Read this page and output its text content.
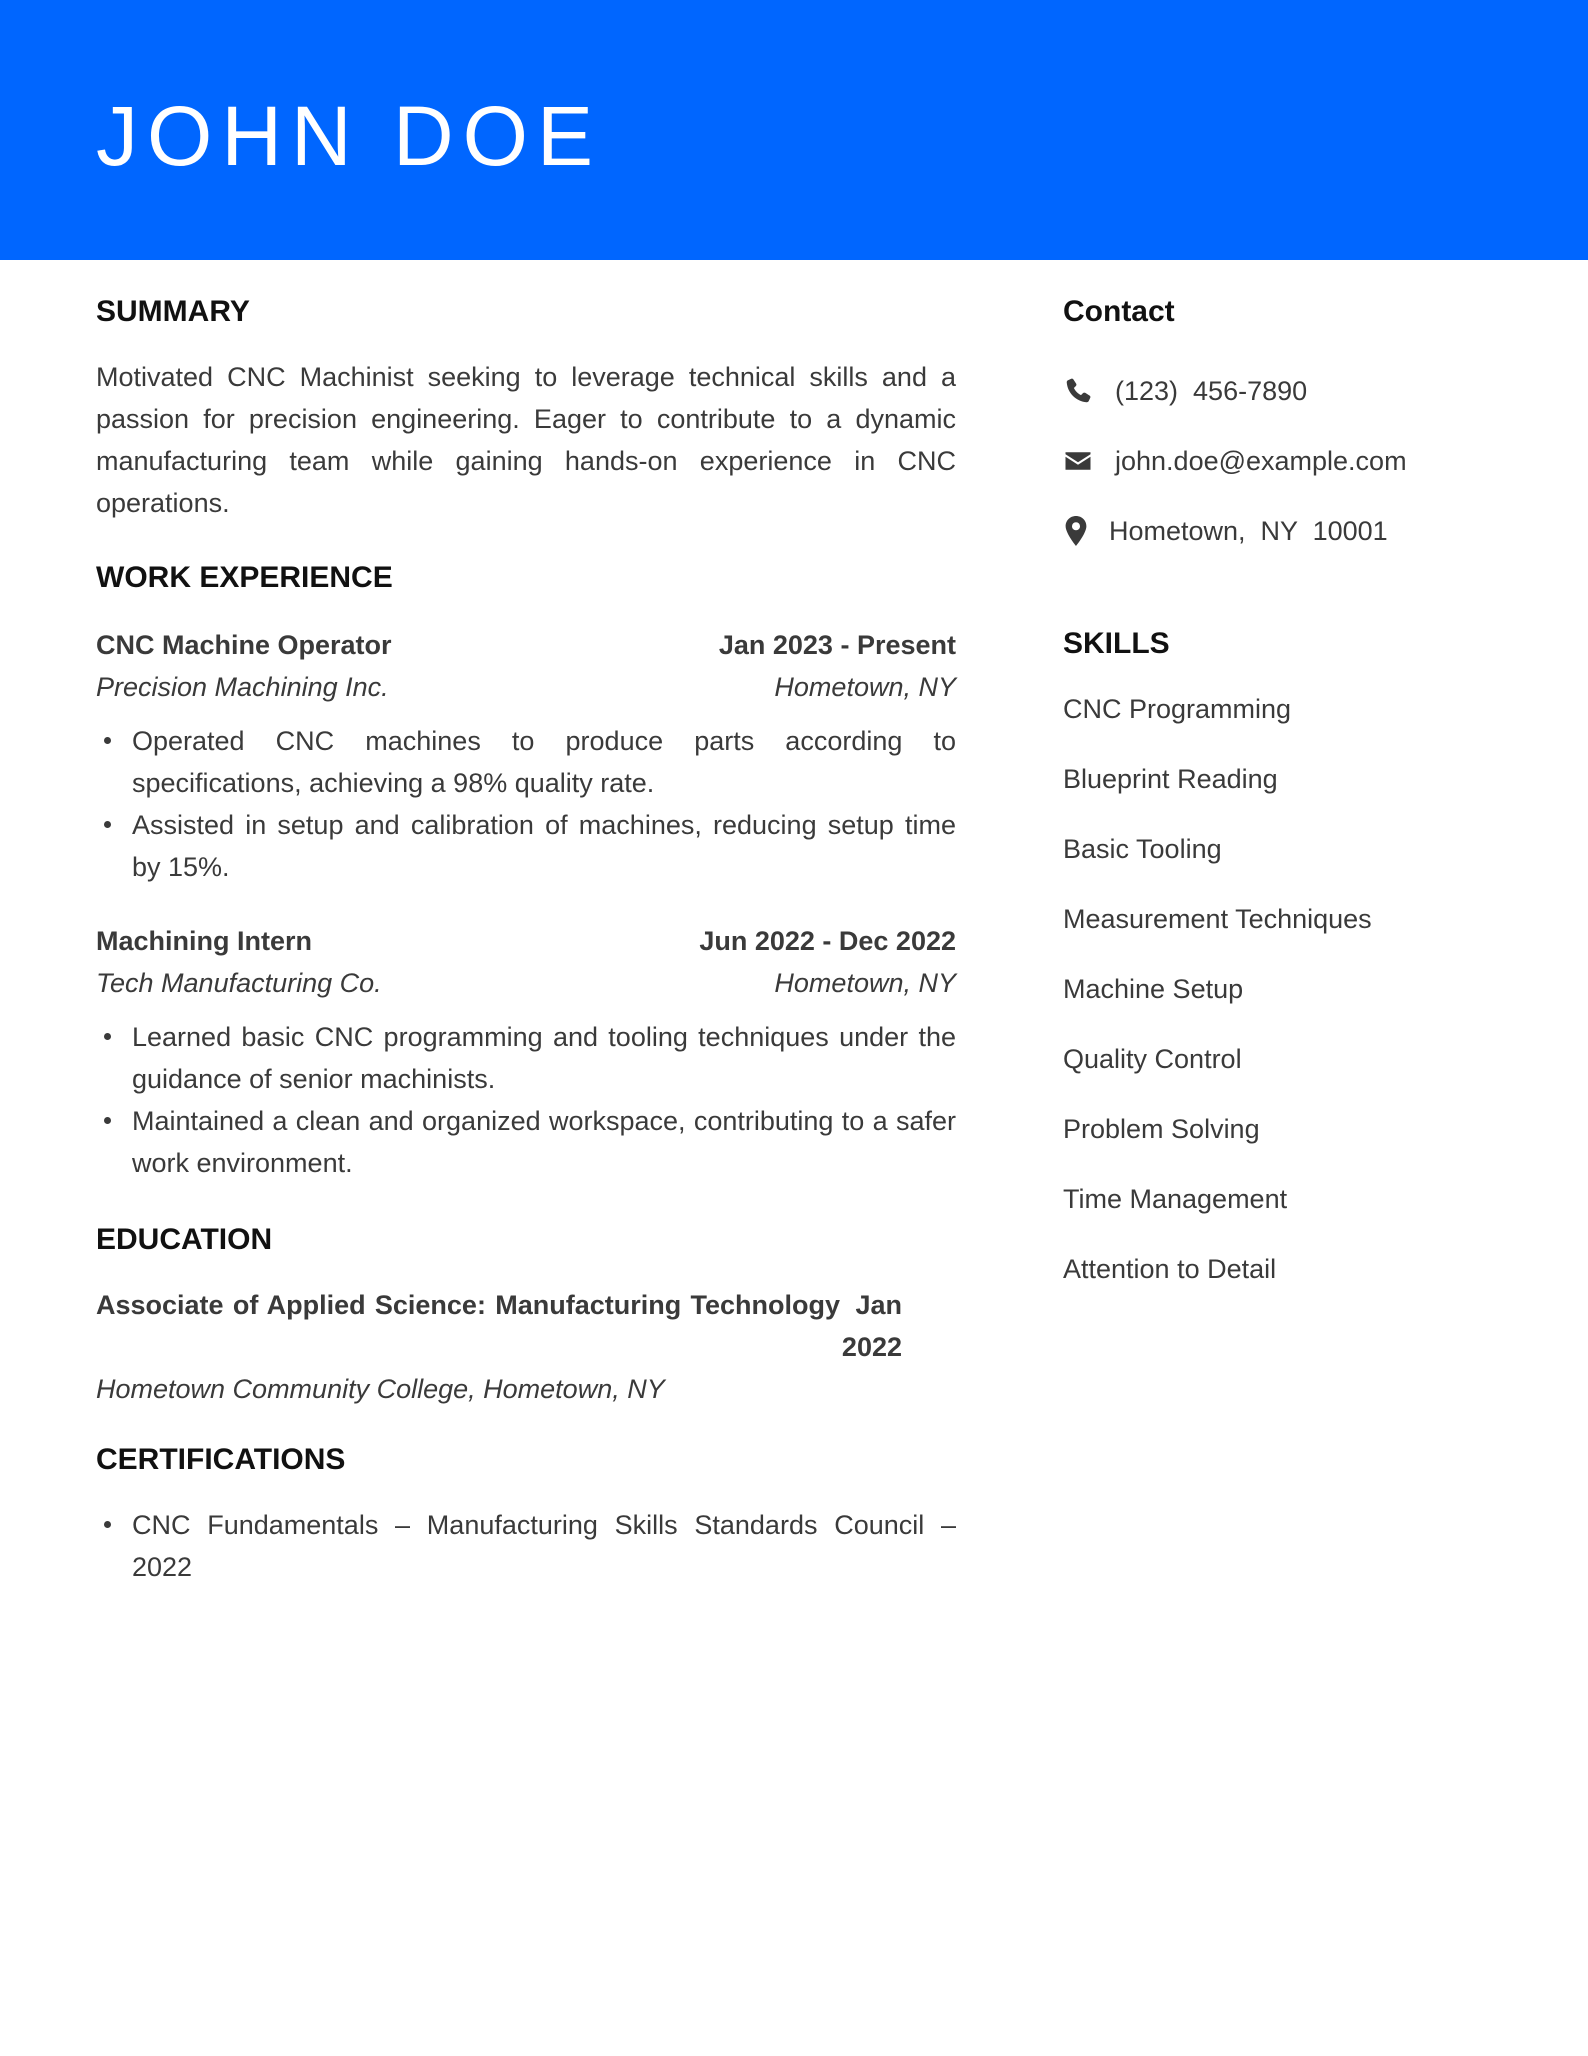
JOHN DOE
SUMMARY
Motivated CNC Machinist seeking to leverage technical skills and a passion for precision engineering. Eager to contribute to a dynamic manufacturing team while gaining hands-on experience in CNC operations.
WORK EXPERIENCE
CNC Machine Operator	Jan 2023 - Present
Precision Machining Inc.	Hometown, NY
Operated CNC machines to produce parts according to specifications, achieving a 98% quality rate.
Assisted in setup and calibration of machines, reducing setup time by 15%.
Machining Intern	Jun 2022 - Dec 2022
Tech Manufacturing Co.	Hometown, NY
Learned basic CNC programming and tooling techniques under the guidance of senior machinists.
Maintained a clean and organized workspace, contributing to a safer work environment.
EDUCATION
Associate of Applied Science: Manufacturing Technology Jan 2022
Hometown Community College, Hometown, NY
CERTIFICATIONS
CNC Fundamentals – Manufacturing Skills Standards Council – 2022
Contact
(123)  456-7890
john.doe@example.com
Hometown,  NY  10001
SKILLS
CNC Programming
Blueprint Reading
Basic Tooling
Measurement Techniques
Machine Setup
Quality Control
Problem Solving
Time Management
Attention to Detail
